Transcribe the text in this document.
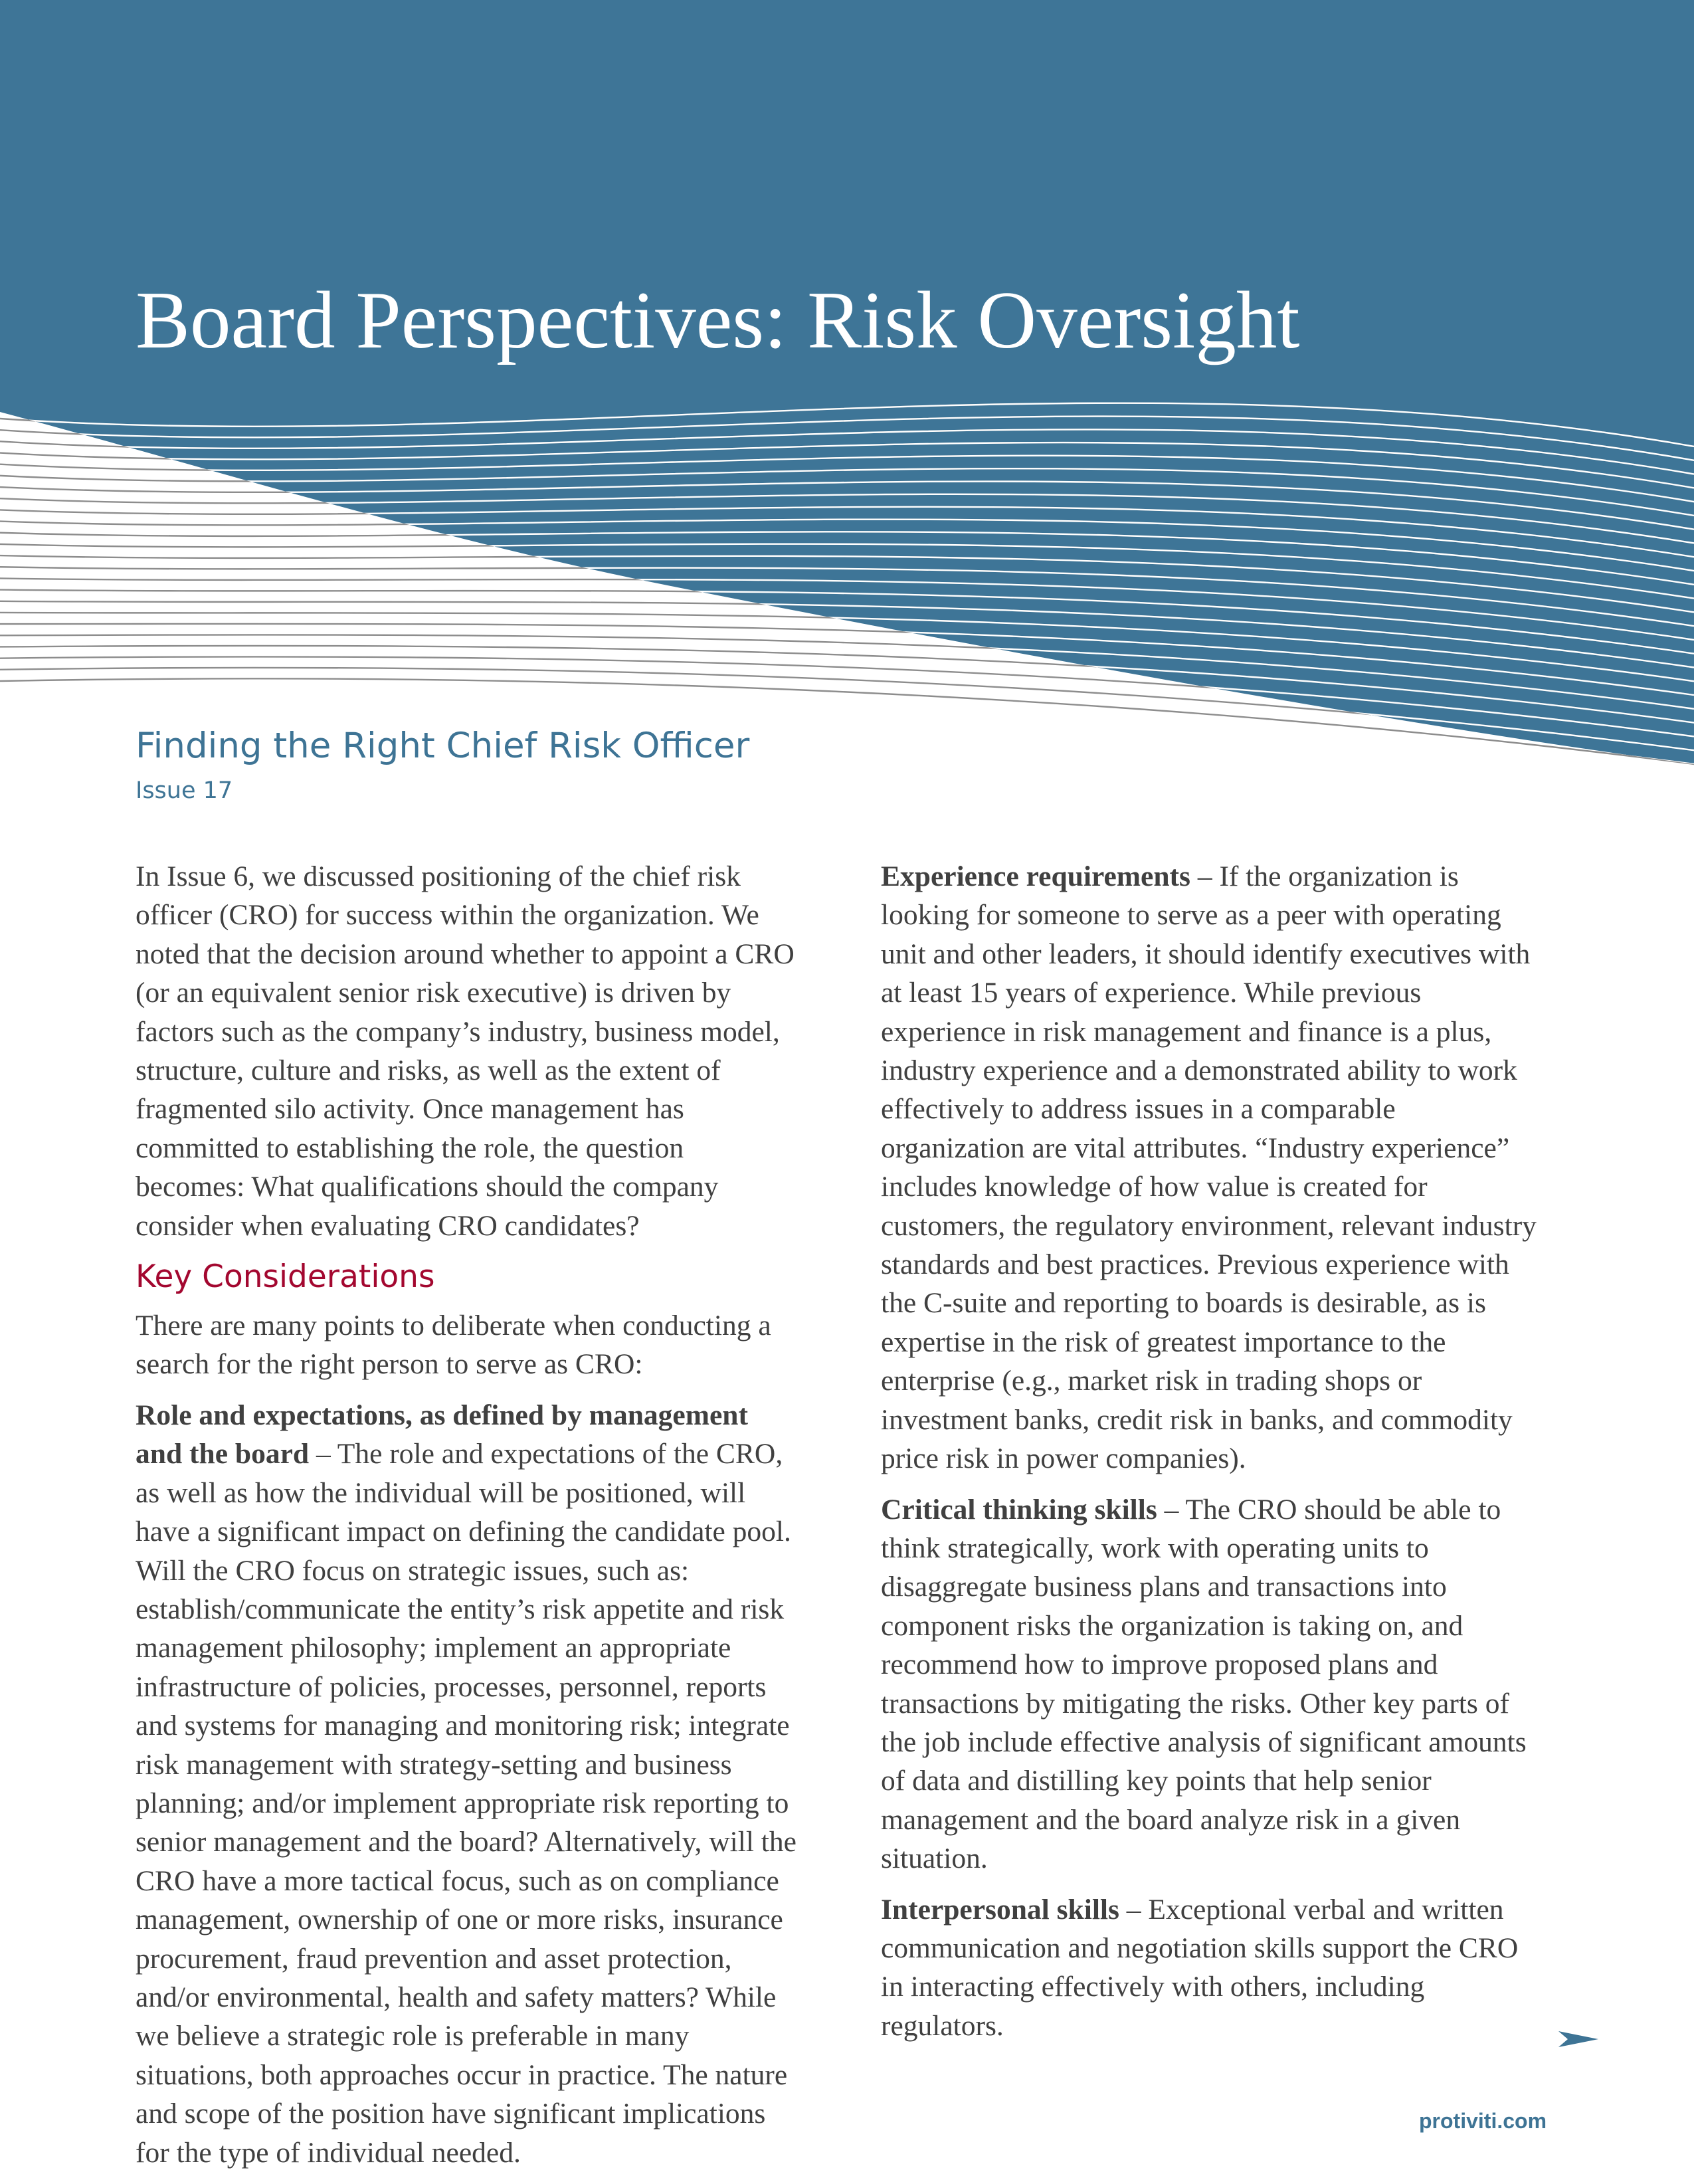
Board Perspectives: Risk Oversight
Finding the Right Chief Risk Officer
Issue 17

In Issue 6, we discussed positioning of the chief risk officer (CRO) for success within the organization. We noted that the decision around whether to appoint a CRO (or an equivalent senior risk executive) is driven by factors such as the company’s industry, business model, structure, culture and risks, as well as the extent of fragmented silo activity. Once management has committed to establishing the role, the question becomes: What qualifications should the company consider when evaluating CRO candidates?

Key Considerations

There are many points to deliberate when conducting a search for the right person to serve as CRO:

Role and expectations, as defined by management and the board – The role and expectations of the CRO, as well as how the individual will be positioned, will have a significant impact on defining the candidate pool. Will the CRO focus on strategic issues, such as: establish/communicate the entity’s risk appetite and risk management philosophy; implement an appropriate infrastructure of policies, processes, personnel, reports and systems for managing and monitoring risk; integrate risk management with strategy-setting and business planning; and/or implement appropriate risk reporting to senior management and the board? Alternatively, will the CRO have a more tactical focus, such as on compliance management, ownership of one or more risks, insurance procurement, fraud prevention and asset protection, and/or environmental, health and safety matters? While we believe a strategic role is preferable in many situations, both approaches occur in practice. The nature and scope of the position have significant implications for the type of individual needed.

Experience requirements – If the organization is looking for someone to serve as a peer with operating unit and other leaders, it should identify executives with at least 15 years of experience. While previous experience in risk management and finance is a plus, industry experience and a demonstrated ability to work effectively to address issues in a comparable organization are vital attributes. “Industry experience” includes knowledge of how value is created for customers, the regulatory environment, relevant industry standards and best practices. Previous experience with the C-suite and reporting to boards is desirable, as is expertise in the risk of greatest importance to the enterprise (e.g., market risk in trading shops or investment banks, credit risk in banks, and commodity price risk in power companies).

Critical thinking skills – The CRO should be able to think strategically, work with operating units to disaggregate business plans and transactions into component risks the organization is taking on, and recommend how to improve proposed plans and transactions by mitigating the risks. Other key parts of the job include effective analysis of significant amounts of data and distilling key points that help senior management and the board analyze risk in a given situation.

Interpersonal skills – Exceptional verbal and written communication and negotiation skills support the CRO in interacting effectively with others, including regulators.

protiviti.com
